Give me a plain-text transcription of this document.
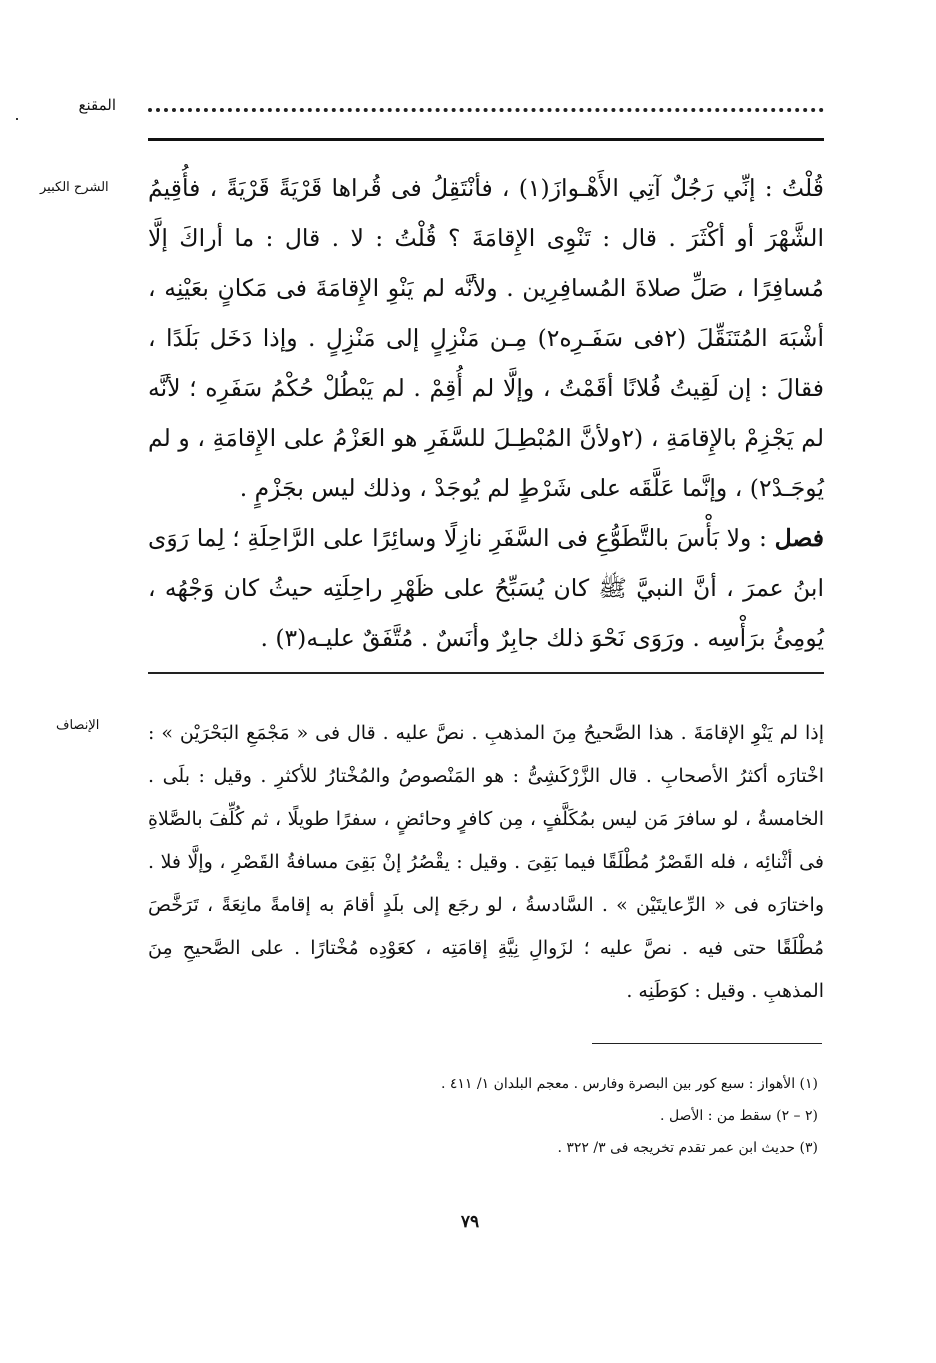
المقنع
الشرح الكبير قُلْتُ : إنِّي رَجُلٌ آتِي الأَهْـوازَ(١) ، فأنْتَقِلُ فى قُراها قَرْيَةً قَرْيَةً ، فأُقِيمُ الشَّهْرَ أو أكْثَرَ . قال : تَنْوِى الإِقامَةَ ؟ قُلْتُ : لا . قال : ما أراكَ إلَّا مُسافِرًا ، صَلِّ صلاةَ المُسافِرِين . ولأنَّه لم يَنْوِ الإِقامَةَ فى مَكانٍ بعَيْنِه ، أشْبَهَ المُتَنَقِّلَ (٢فى سَفَـرِه٢) مِـن مَنْزِلٍ إلى مَنْزِلٍ . وإذا دَخَل بَلَدًا ، فقالَ : إن لَقِيتُ فُلانًا أقَمْتُ ، وإلَّا لم أُقِمْ . لم يَبْطُلْ حُكْمُ سَفَرِه ؛ لأنَّه لم يَجْزِمْ بالإِقامَةِ ، (٢ولأنَّ المُبْطِـلَ للسَّفَرِ هو العَزْمُ على الإِقامَةِ ، و لم يُوجَـدْ٢) ، وإنَّما عَلَّقَه على شَرْطٍ لم يُوجَدْ ، وذلك ليس بجَزْمٍ .

فصل : ولا بَأْسَ بالتَّطَوُّعِ فى السَّفَرِ نازِلًا وسائِرًا على الرَّاحِلَةِ ؛ لِما رَوَى ابنُ عمرَ ، أنَّ النبيَّ ﷺ كان يُسَبِّحُ على ظَهْرِ راحِلَتِه حيثُ كان وَجْهُه ، يُومِئُ برَأْسِه . ورَوَى نَحْوَ ذلك جابِرٌ وأنَسٌ . مُتَّفَقٌ عليـه(٣) .

الإنصاف	إذا لم يَنْوِ الإقامَةَ . هذا الصَّحيحُ مِنَ المذهبِ . نصَّ عليه . قال فى « مَجْمَعِ البَحْرَيْن » : اخْتارَه أكثرُ الأصحابِ . قال الزَّرْكَشِىُّ : هو المَنْصوصُ والمُخْتارُ للأكثرِ . وقيل : بلَى . الخامسةُ ، لو سافرَ مَن ليس بمُكَلَّفٍ ، مِن كافرٍ وحائضٍ ، سفرًا طويلًا ، ثم كُلِّفَ بالصَّلاةِ فى أثْنائِه ، فله القَصْرُ مُطْلَقًا فيما بَقِىَ . وقيل : يقْصُرُ إنْ بَقِىَ مسافةُ القَصْرِ ، وإلَّا فلا . واختارَه فى « الرِّعايتَيْن » . السَّادسةُ ، لو رجَع إلى بلَدٍ أقامَ به إقامةً مانِعَةً ، تَرَخَّصَ مُطْلَقًا حتى فيه . نصَّ عليه ؛ لزَوالِ نِيَّةِ إقامَتِه ، كعَوْدِه مُخْتارًا . على الصَّحيحِ مِنَ المذهبِ . وقيل : كوَطَنِه .

(١) الأهواز : سبع كور بين البصرة وفارس . معجم البلدان ١/ ٤١١ .

(٢ – ٢) سقط من : الأصل .

(٣) حديث ابن عمر تقدم تخريجه فى ٣/ ٣٢٢ .

٧٩
